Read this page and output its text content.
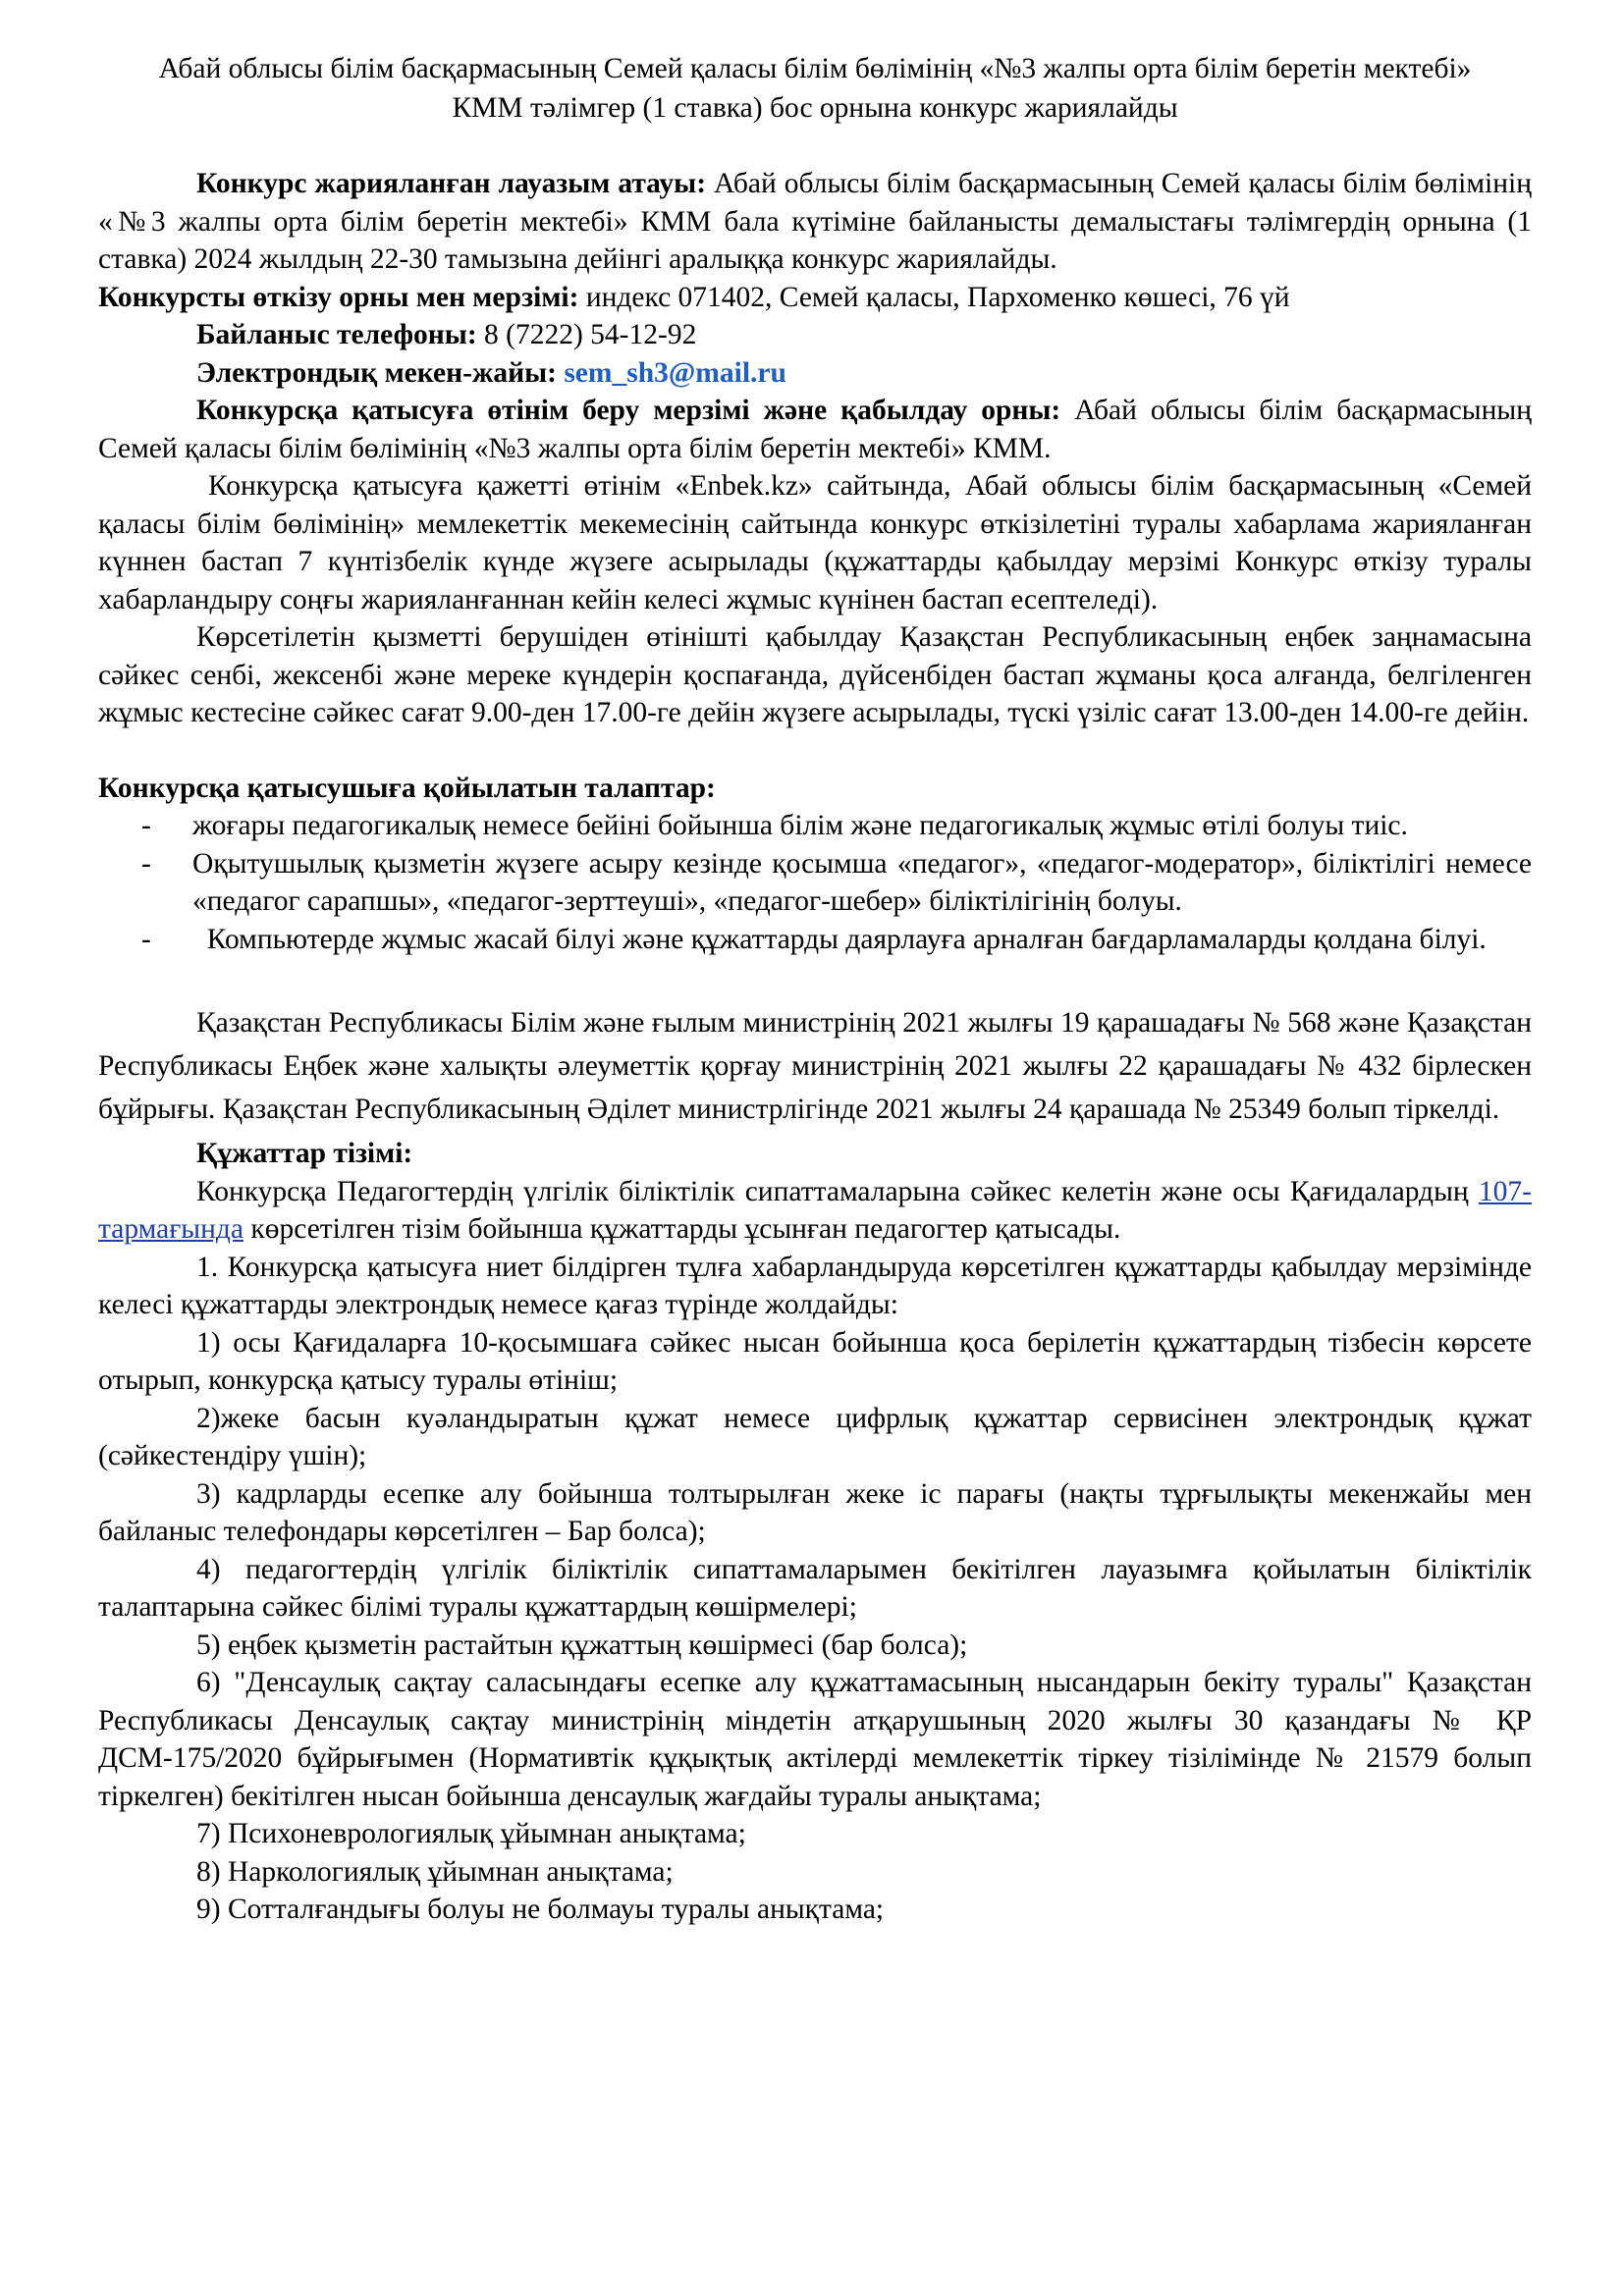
Абай облысы білім басқармасының Семей қаласы білім бөлімінің «№3 жалпы орта білім беретін мектебі» КММ тәлімгер (1 ставка) бос орнына конкурс жариялайды

Конкурс жарияланған лауазым атауы: Абай облысы білім басқармасының Семей қаласы білім бөлімінің «№3 жалпы орта білім беретін мектебі» КММ бала күтіміне байланысты демалыстағы тәлімгердің орнына (1 ставка) 2024 жылдың 22-30 тамызына дейінгі аралыққа конкурс жариялайды.

Конкурсты өткізу орны мен мерзімі: индекс 071402, Семей қаласы, Пархоменко көшесі, 76 үй

Байланыс телефоны: 8 (7222) 54-12-92

Электрондық мекен-жайы: sem_sh3@mail.ru

Конкурсқа қатысуға өтінім беру мерзімі және қабылдау орны: Абай облысы білім басқармасының Семей қаласы білім бөлімінің «№3 жалпы орта білім беретін мектебі» КММ.

Конкурсқа қатысуға қажетті өтінім «Enbek.kz» сайтында, Абай облысы білім басқармасының «Семей қаласы білім бөлімінің» мемлекеттік мекемесінің сайтында конкурс өткізілетіні туралы хабарлама жарияланған күннен бастап 7 күнтізбелік күнде жүзеге асырылады (құжаттарды қабылдау мерзімі Конкурс өткізу туралы хабарландыру соңғы жарияланғаннан кейін келесі жұмыс күнінен бастап есептеледі).

Көрсетілетін қызметті берушіден өтінішті қабылдау Қазақстан Республикасының еңбек заңнамасына сәйкес сенбі, жексенбі және мереке күндерін қоспағанда, дүйсенбіден бастап жұманы қоса алғанда, белгіленген жұмыс кестесіне сәйкес сағат 9.00-ден 17.00-ге дейін жүзеге асырылады, түскі үзіліс сағат 13.00-ден 14.00-ге дейін.

Конкурсқа қатысушыға қойылатын талаптар:

- жоғары педагогикалық немесе бейіні бойынша білім және педагогикалық жұмыс өтілі болуы тиіс.
- Оқытушылық қызметін жүзеге асыру кезінде қосымша «педагог», «педагог-модератор», біліктілігі немесе «педагог сарапшы», «педагог-зерттеуші», «педагог-шебер» біліктілігінің болуы.
- Компьютерде жұмыс жасай білуі және құжаттарды даярлауға арналған бағдарламаларды қолдана білуі.

Қазақстан Республикасы Білім және ғылым министрінің 2021 жылғы 19 қарашадағы № 568 және Қазақстан Республикасы Еңбек және халықты әлеуметтік қорғау министрінің 2021 жылғы 22 қарашадағы № 432 бірлескен бұйрығы. Қазақстан Республикасының Әділет министрлігінде 2021 жылғы 24 қарашада № 25349 болып тіркелді.

Құжаттар тізімі:

Конкурсқа Педагогтердің үлгілік біліктілік сипаттамаларына сәйкес келетін және осы Қағидалардың 107-тармағында көрсетілген тізім бойынша құжаттарды ұсынған педагогтер қатысады.

1. Конкурсқа қатысуға ниет білдірген тұлға хабарландыруда көрсетілген құжаттарды қабылдау мерзімінде келесі құжаттарды электрондық немесе қағаз түрінде жолдайды:

1) осы Қағидаларға 10-қосымшаға сәйкес нысан бойынша қоса берілетін құжаттардың тізбесін көрсете отырып, конкурсқа қатысу туралы өтініш;

2)жеке басын куәландыратын құжат немесе цифрлық құжаттар сервисінен электрондық құжат (сәйкестендіру үшін);

3) кадрларды есепке алу бойынша толтырылған жеке іс парағы (нақты тұрғылықты мекенжайы мен байланыс телефондары көрсетілген – Бар болса);

4) педагогтердің үлгілік біліктілік сипаттамаларымен бекітілген лауазымға қойылатын біліктілік талаптарына сәйкес білімі туралы құжаттардың көшірмелері;

5) еңбек қызметін растайтын құжаттың көшірмесі (бар болса);

6) "Денсаулық сақтау саласындағы есепке алу құжаттамасының нысандарын бекіту туралы" Қазақстан Республикасы Денсаулық сақтау министрінің міндетін атқарушының 2020 жылғы 30 қазандағы № ҚР ДСМ-175/2020 бұйрығымен (Нормативтік құқықтық актілерді мемлекеттік тіркеу тізілімінде № 21579 болып тіркелген) бекітілген нысан бойынша денсаулық жағдайы туралы анықтама;

7) Психоневрологиялық ұйымнан анықтама;

8) Наркологиялық ұйымнан анықтама;

9) Сотталғандығы болуы не болмауы туралы анықтама;
